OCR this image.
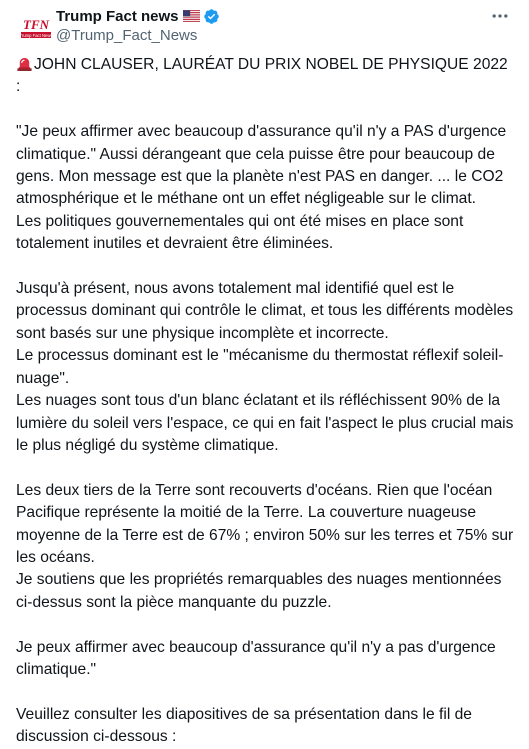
TFN
Trump Fact News
Trump Fact news
@Trump_Fact_News

JOHN CLAUSER, LAURÉAT DU PRIX NOBEL DE PHYSIQUE 2022 :

"Je peux affirmer avec beaucoup d'assurance qu'il n'y a PAS d'urgence climatique." Aussi dérangeant que cela puisse être pour beaucoup de gens. Mon message est que la planète n'est PAS en danger. ... le CO2 atmosphérique et le méthane ont un effet négligeable sur le climat.
Les politiques gouvernementales qui ont été mises en place sont totalement inutiles et devraient être éliminées.

Jusqu'à présent, nous avons totalement mal identifié quel est le processus dominant qui contrôle le climat, et tous les différents modèles sont basés sur une physique incomplète et incorrecte.
Le processus dominant est le "mécanisme du thermostat réflexif soleil-nuage".
Les nuages sont tous d'un blanc éclatant et ils réfléchissent 90% de la lumière du soleil vers l'espace, ce qui en fait l'aspect le plus crucial mais le plus négligé du système climatique.

Les deux tiers de la Terre sont recouverts d'océans. Rien que l'océan Pacifique représente la moitié de la Terre. La couverture nuageuse moyenne de la Terre est de 67% ; environ 50% sur les terres et 75% sur les océans.
Je soutiens que les propriétés remarquables des nuages mentionnées ci-dessus sont la pièce manquante du puzzle.

Je peux affirmer avec beaucoup d'assurance qu'il n'y a pas d'urgence climatique."

Veuillez consulter les diapositives de sa présentation dans le fil de discussion ci-dessous :
